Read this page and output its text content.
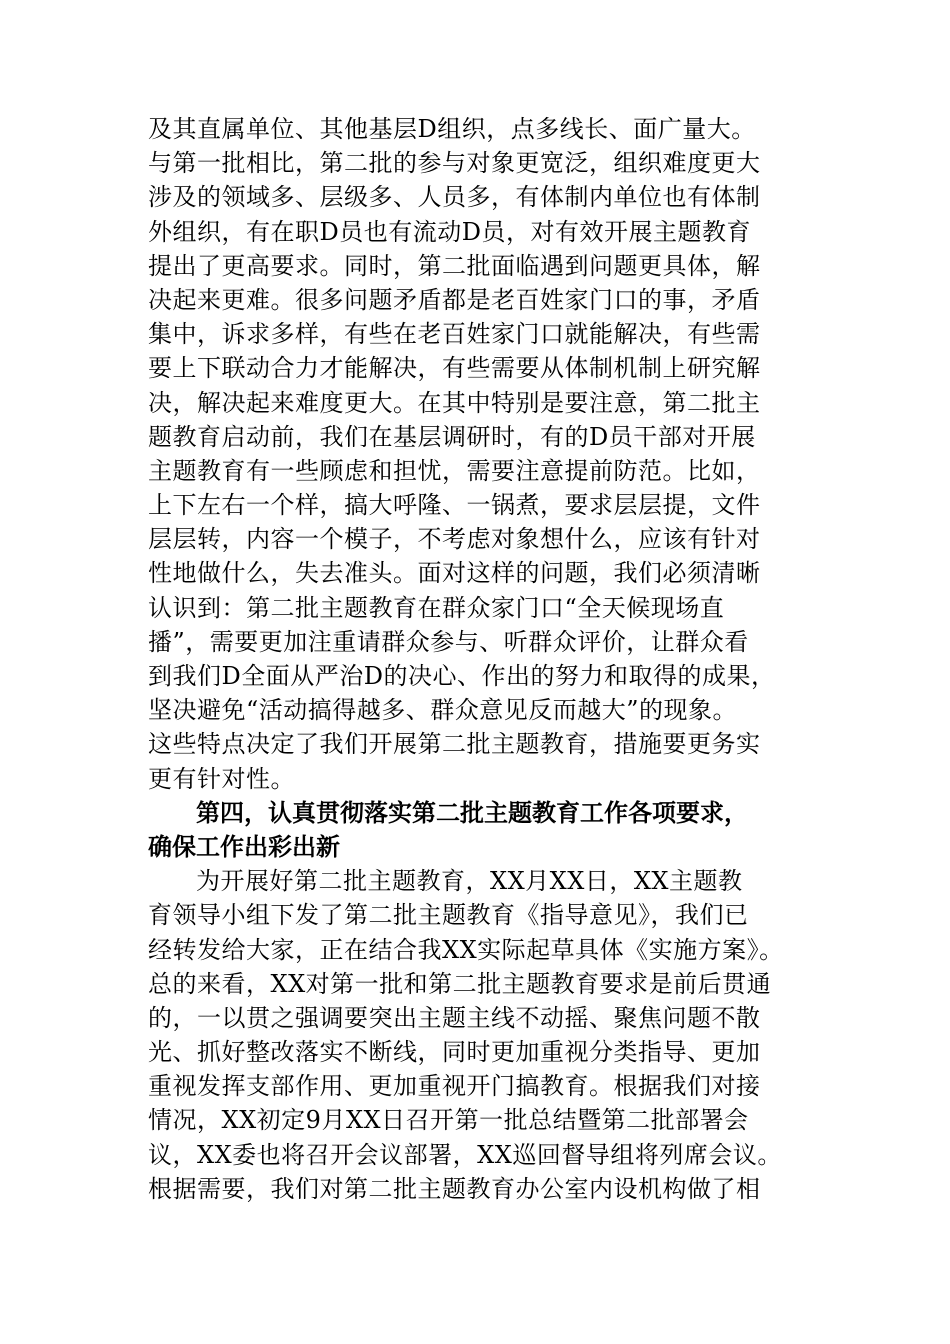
及其直属单位、其他基层D组织，点多线长、面广量大。
与第一批相比，第二批的参与对象更宽泛，组织难度更大
涉及的领域多、层级多、人员多，有体制内单位也有体制
外组织，有在职D员也有流动D员，对有效开展主题教育
提出了更高要求。同时，第二批面临遇到问题更具体，解
决起来更难。很多问题矛盾都是老百姓家门口的事，矛盾
集中，诉求多样，有些在老百姓家门口就能解决，有些需
要上下联动合力才能解决，有些需要从体制机制上研究解
决，解决起来难度更大。在其中特别是要注意，第二批主
题教育启动前，我们在基层调研时，有的D员干部对开展
主题教育有一些顾虑和担忧，需要注意提前防范。比如，
上下左右一个样，搞大呼隆、一锅煮，要求层层提，文件
层层转，内容一个模子，不考虑对象想什么，应该有针对
性地做什么，失去准头。面对这样的问题，我们必须清晰
认识到：第二批主题教育在群众家门口“全天候现场直
播”，需要更加注重请群众参与、听群众评价，让群众看
到我们D全面从严治D的决心、作出的努力和取得的成果，
坚决避免“活动搞得越多、群众意见反而越大”的现象。
这些特点决定了我们开展第二批主题教育，措施要更务实
更有针对性。
第四，认真贯彻落实第二批主题教育工作各项要求，
确保工作出彩出新
为开展好第二批主题教育，XX月XX日，XX主题教
育领导小组下发了第二批主题教育《指导意见》，我们已
经转发给大家，正在结合我XX实际起草具体《实施方案》。
总的来看，XX对第一批和第二批主题教育要求是前后贯通
的，一以贯之强调要突出主题主线不动摇、聚焦问题不散
光、抓好整改落实不断线，同时更加重视分类指导、更加
重视发挥支部作用、更加重视开门搞教育。根据我们对接
情况，XX初定9月XX日召开第一批总结暨第二批部署会
议，XX委也将召开会议部署，XX巡回督导组将列席会议。
根据需要，我们对第二批主题教育办公室内设机构做了相
